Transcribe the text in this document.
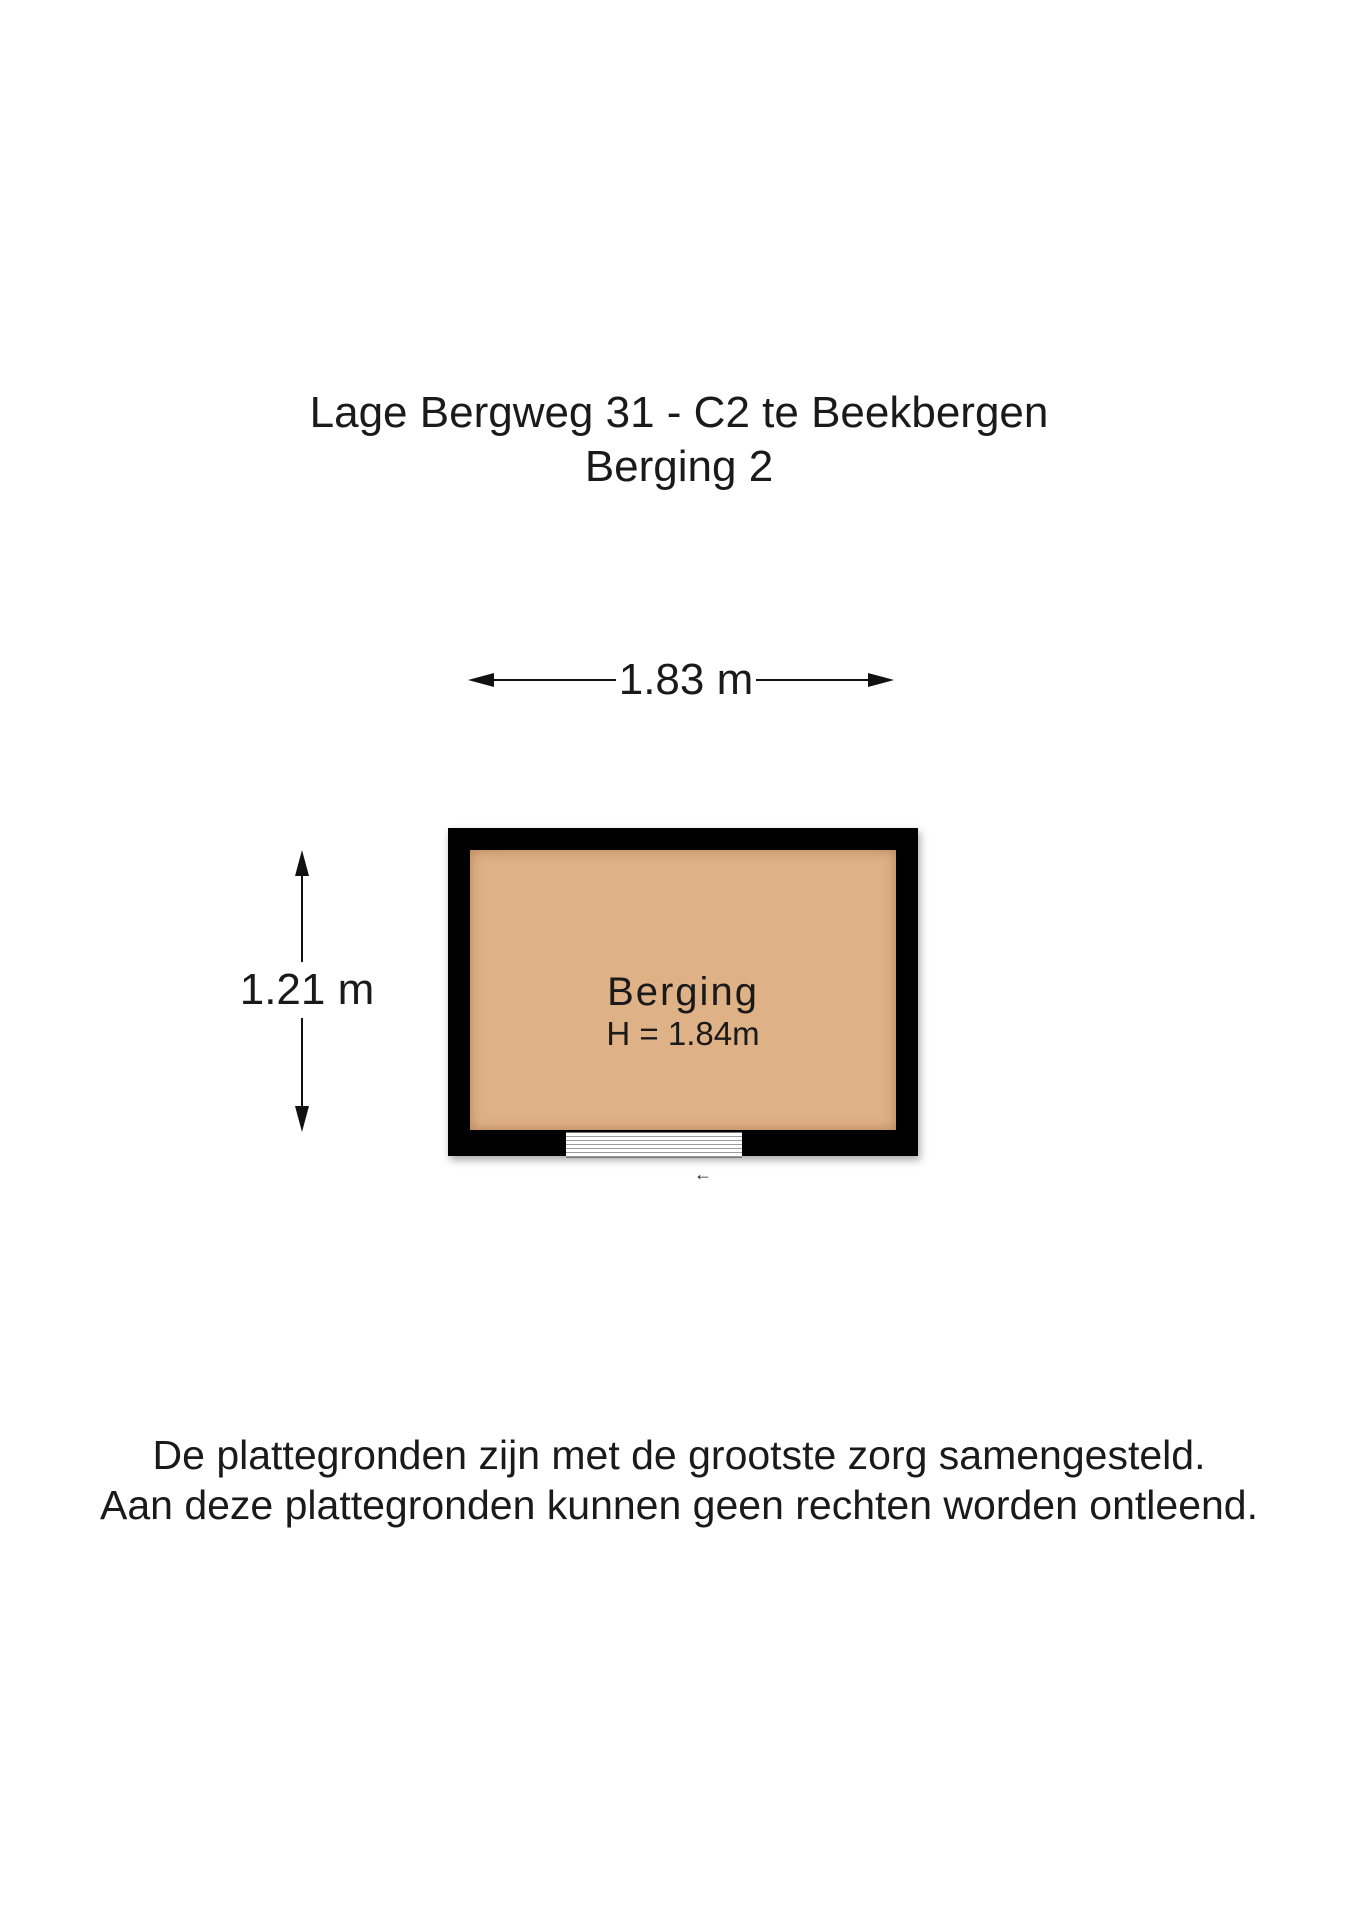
Lage Bergweg 31 - C2 te Beekbergen
Berging 2
1.83 m
1.21 m	Berging
H = 1.84m
←
De plattegronden zijn met de grootste zorg samengesteld.
Aan deze plattegronden kunnen geen rechten worden ontleend.
